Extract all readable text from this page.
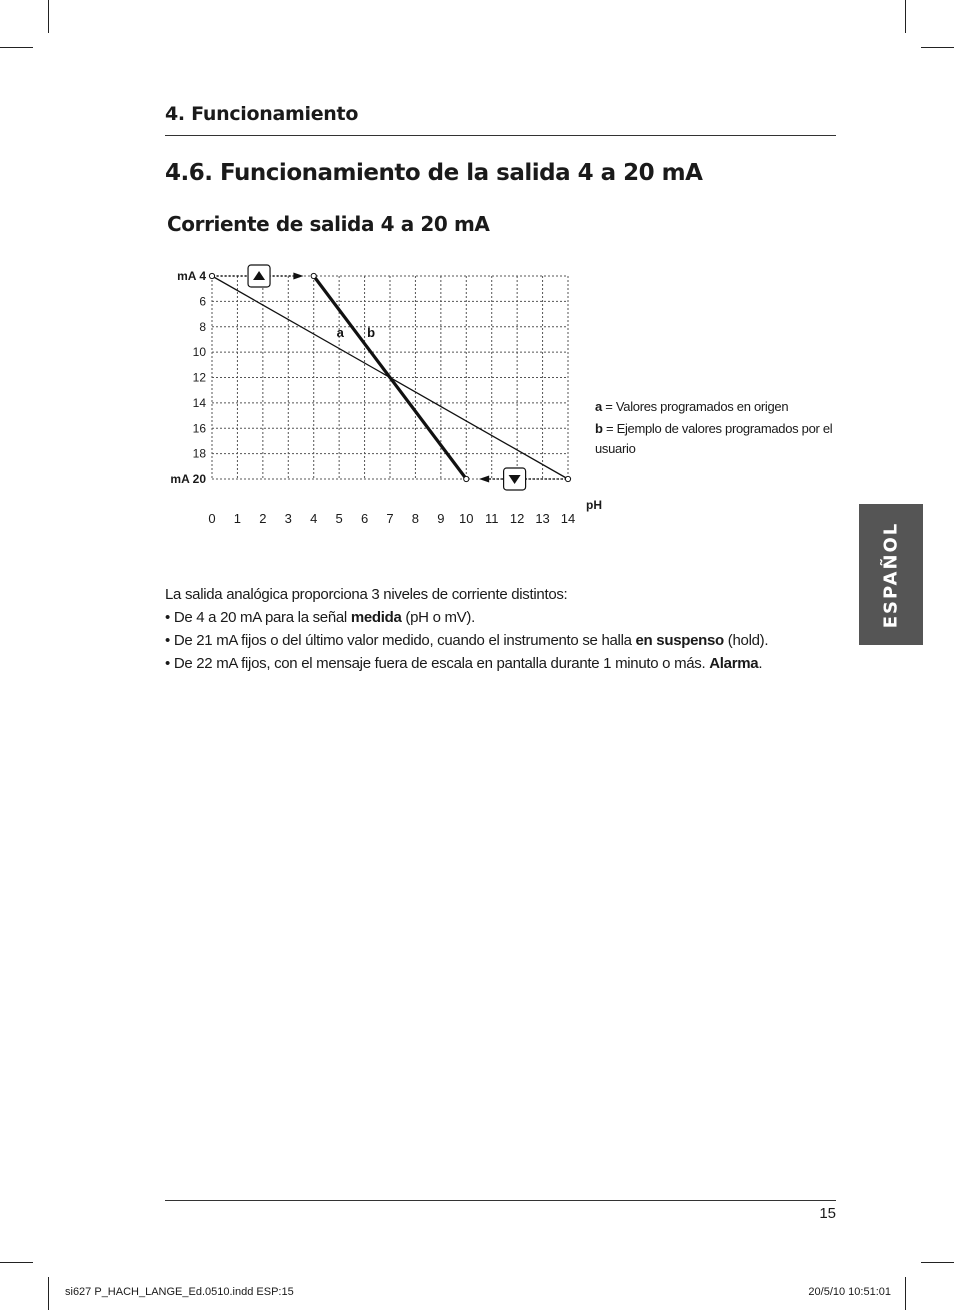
4. Funcionamiento
4.6. Funcionamiento de la salida 4 a 20 mA
Corriente de salida 4 a 20 mA
mA 4
6
8
10
12
14
16
18
mA 20
0 1 2 3 4 5 6 7 8 9 10 11 12 13 14
pH
a b
a = Valores programados en origen
b = Ejemplo de valores programados por el usuario
La salida analógica proporciona 3 niveles de corriente distintos:
• De 4 a 20 mA para la señal medida (pH o mV).
• De 21 mA fijos o del último valor medido, cuando el instrumento se halla en suspenso (hold).
• De 22 mA fijos, con el mensaje fuera de escala en pantalla durante 1 minuto o más. Alarma.
ESPAÑOL
15
si627 P_HACH_LANGE_Ed.0510.indd ESP:15	20/5/10 10:51:01
